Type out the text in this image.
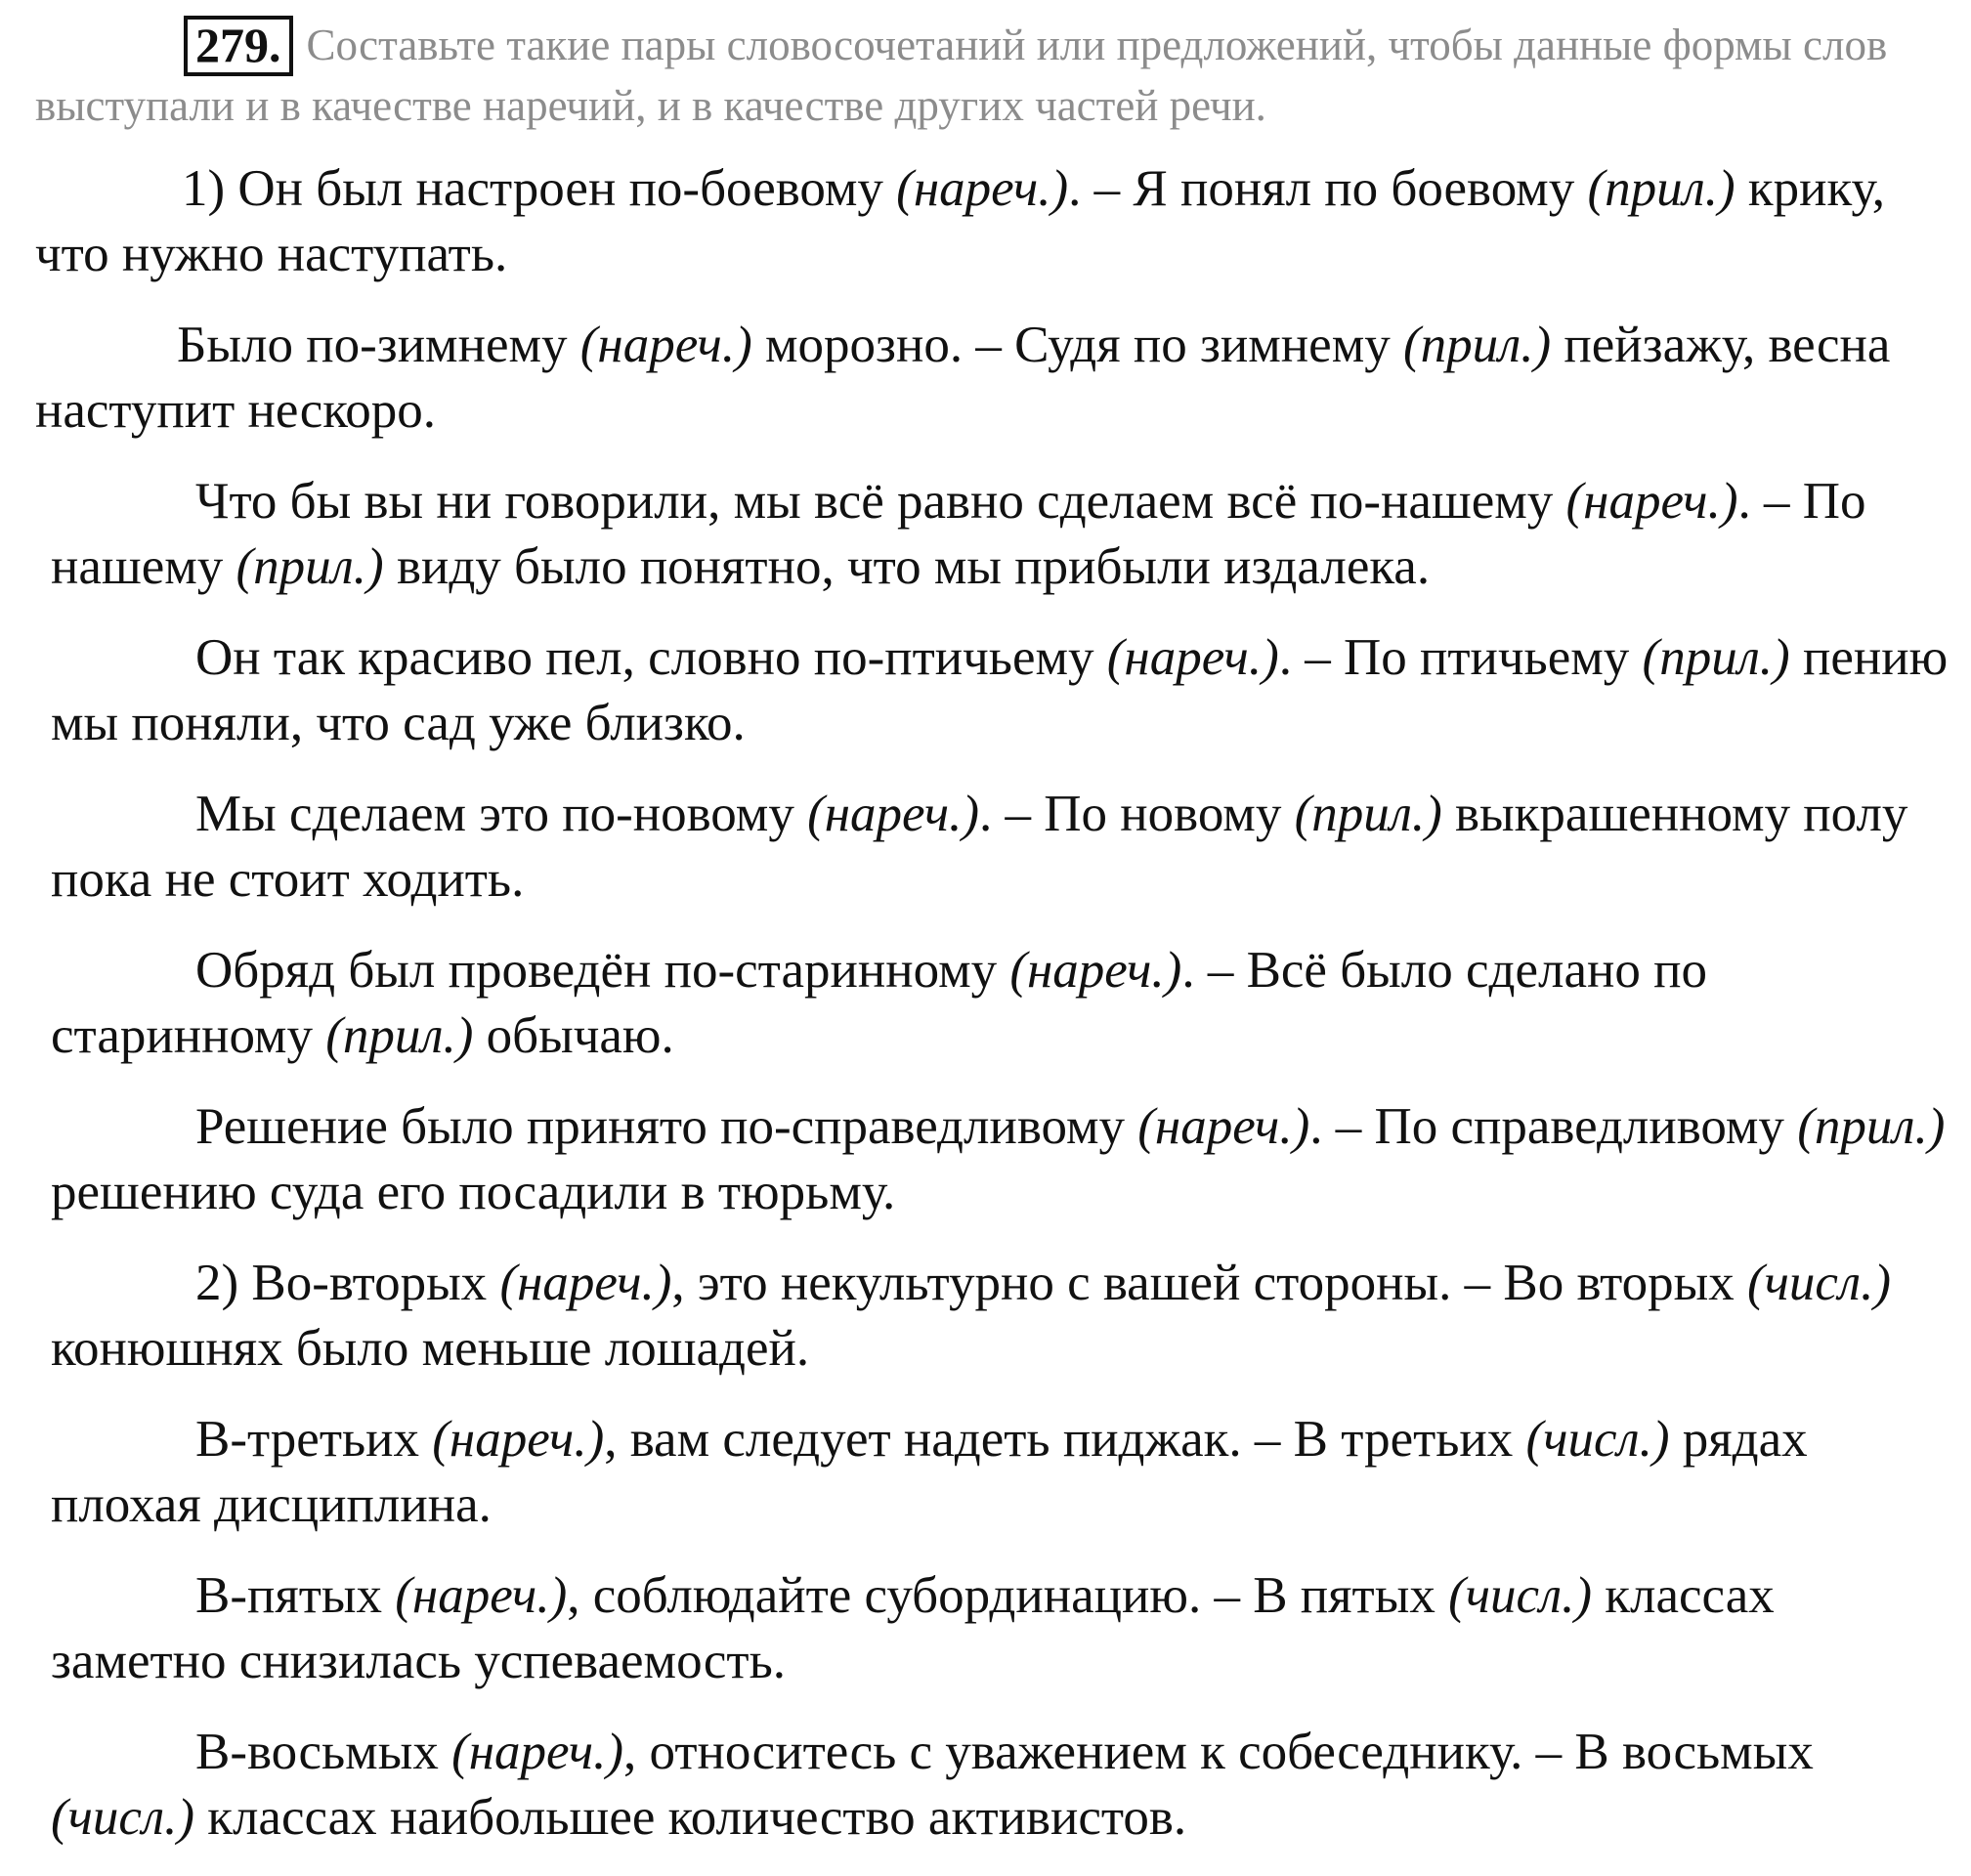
279. Составьте такие пары словосочетаний или предложений, чтобы данные формы слов выступали и в качестве наречий, и в качестве других частей речи.

1) Он был настроен по-боевому (нареч.). – Я понял по боевому (прил.) крику, что нужно наступать.

Было по-зимнему (нареч.) морозно. – Судя по зимнему (прил.) пейзажу, весна наступит нескоро.

Что бы вы ни говорили, мы всё равно сделаем всё по-нашему (нареч.). – По нашему (прил.) виду было понятно, что мы прибыли издалека.

Он так красиво пел, словно по-птичьему (нареч.). – По птичьему (прил.) пению мы поняли, что сад уже близко.

Мы сделаем это по-новому (нареч.). – По новому (прил.) выкрашенному полу пока не стоит ходить.

Обряд был проведён по-старинному (нареч.). – Всё было сделано по старинному (прил.) обычаю.

Решение было принято по-справедливому (нареч.). – По справедливому (прил.) решению суда его посадили в тюрьму.

2) Во-вторых (нареч.), это некультурно с вашей стороны. – Во вторых (числ.) конюшнях было меньше лошадей.

В-третьих (нареч.), вам следует надеть пиджак. – В третьих (числ.) рядах плохая дисциплина.

В-пятых (нареч.), соблюдайте субординацию. – В пятых (числ.) классах заметно снизилась успеваемость.

В-восьмых (нареч.), относитесь с уважением к собеседнику. – В восьмых (числ.) классах наибольшее количество активистов.
